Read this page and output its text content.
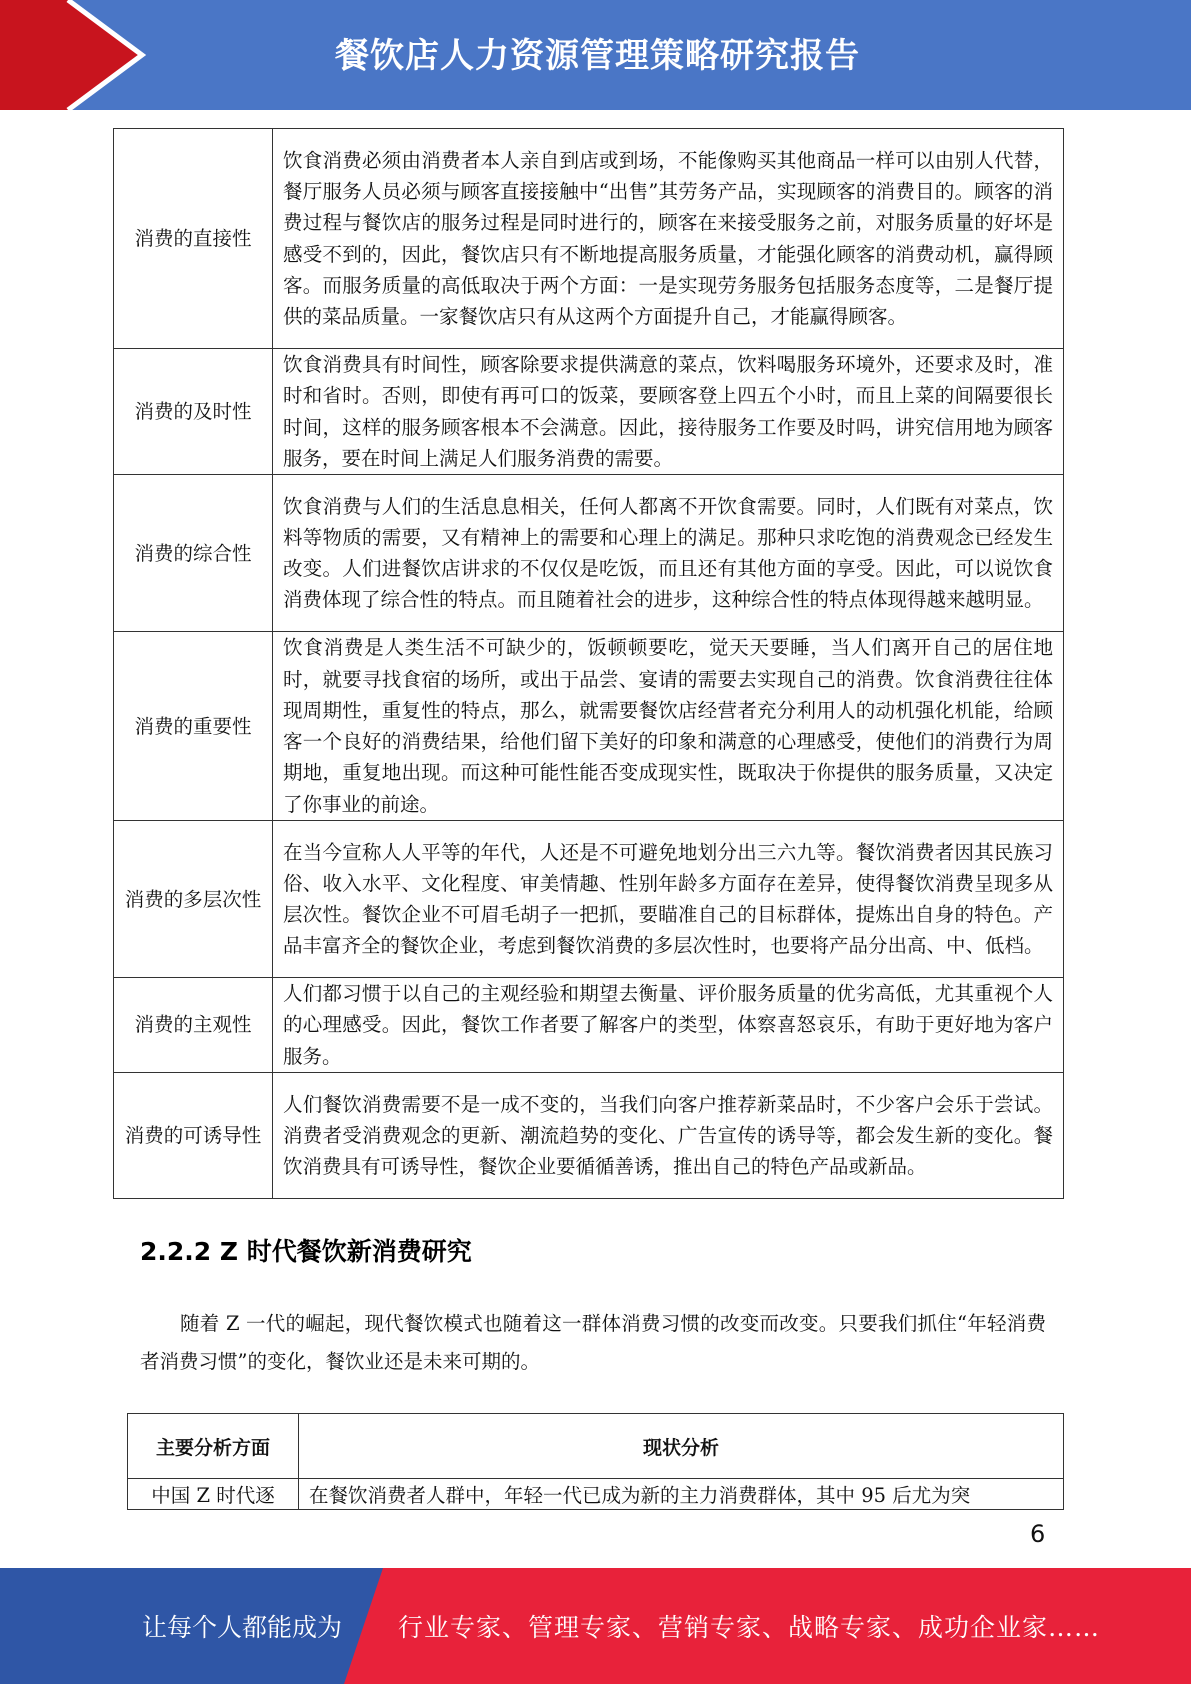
餐饮店人力资源管理策略研究报告
消费的直接性	饮食消费必须由消费者本人亲自到店或到场，不能像购买其他商品一样可以由别人代替，餐厅服务人员必须与顾客直接接触中“出售”其劳务产品，实现顾客的消费目的。顾客的消费过程与餐饮店的服务过程是同时进行的，顾客在来接受服务之前，对服务质量的好坏是感受不到的，因此，餐饮店只有不断地提高服务质量，才能强化顾客的消费动机，赢得顾客。而服务质量的高低取决于两个方面：一是实现劳务服务包括服务态度等，二是餐厅提供的菜品质量。一家餐饮店只有从这两个方面提升自己，才能赢得顾客。
消费的及时性	饮食消费具有时间性，顾客除要求提供满意的菜点，饮料喝服务环境外，还要求及时，准时和省时。否则，即使有再可口的饭菜，要顾客登上四五个小时，而且上菜的间隔要很长时间，这样的服务顾客根本不会满意。因此，接待服务工作要及时吗，讲究信用地为顾客服务，要在时间上满足人们服务消费的需要。
消费的综合性	饮食消费与人们的生活息息相关，任何人都离不开饮食需要。同时，人们既有对菜点，饮料等物质的需要，又有精神上的需要和心理上的满足。那种只求吃饱的消费观念已经发生改变。人们进餐饮店讲求的不仅仅是吃饭，而且还有其他方面的享受。因此，可以说饮食消费体现了综合性的特点。而且随着社会的进步，这种综合性的特点体现得越来越明显。
消费的重要性	饮食消费是人类生活不可缺少的，饭顿顿要吃，觉天天要睡，当人们离开自己的居住地时，就要寻找食宿的场所，或出于品尝、宴请的需要去实现自己的消费。饮食消费往往体现周期性，重复性的特点，那么，就需要餐饮店经营者充分利用人的动机强化机能，给顾客一个良好的消费结果，给他们留下美好的印象和满意的心理感受，使他们的消费行为周期地，重复地出现。而这种可能性能否变成现实性，既取决于你提供的服务质量，又决定了你事业的前途。
消费的多层次性	在当今宣称人人平等的年代，人还是不可避免地划分出三六九等。餐饮消费者因其民族习俗、收入水平、文化程度、审美情趣、性别年龄多方面存在差异，使得餐饮消费呈现多从层次性。餐饮企业不可眉毛胡子一把抓，要瞄准自己的目标群体，提炼出自身的特色。产品丰富齐全的餐饮企业，考虑到餐饮消费的多层次性时，也要将产品分出高、中、低档。
消费的主观性	人们都习惯于以自己的主观经验和期望去衡量、评价服务质量的优劣高低，尤其重视个人的心理感受。因此，餐饮工作者要了解客户的类型，体察喜怒哀乐，有助于更好地为客户服务。
消费的可诱导性	人们餐饮消费需要不是一成不变的，当我们向客户推荐新菜品时，不少客户会乐于尝试。消费者受消费观念的更新、潮流趋势的变化、广告宣传的诱导等，都会发生新的变化。餐饮消费具有可诱导性，餐饮企业要循循善诱，推出自己的特色产品或新品。
2.2.2 Z 时代餐饮新消费研究
随着 Z 一代的崛起，现代餐饮模式也随着这一群体消费习惯的改变而改变。只要我们抓住“年轻消费者消费习惯”的变化，餐饮业还是未来可期的。
主要分析方面	现状分析
中国 Z 时代逐	在餐饮消费者人群中，年轻一代已成为新的主力消费群体，其中 95 后尤为突
6
让每个人都能成为 行业专家、管理专家、营销专家、战略专家、成功企业家……
